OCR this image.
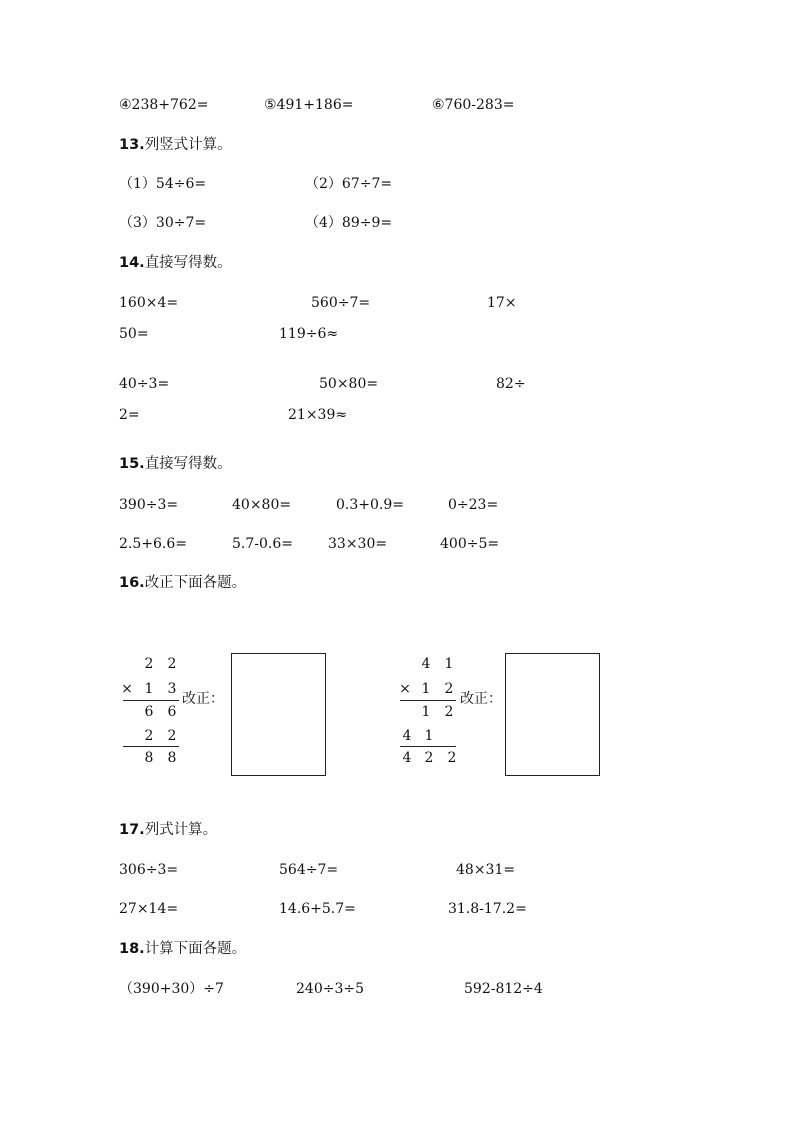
④238+762=	⑤491+186=	⑥760-283=
13.列竖式计算。
（1）54÷6=	（2）67÷7=
（3）30÷7=	（4）89÷9=
14.直接写得数。
160×4=	560÷7=	17×
50=	119÷6≈
40÷3=	50×80=	82÷
2=	21×39≈
15.直接写得数。
390÷3=	40×80=	0.3+0.9=	0÷23=
2.5+6.6=	5.7-0.6=	33×30=	400÷5=
16.改正下面各题。
2 2
× 1 3
6 6
2 2
8 8
改正：
4 1
× 1 2
1 2
4 1
4 2 2
改正：
17.列式计算。
306÷3=	564÷7=	48×31=
27×14=	14.6+5.7=	31.8-17.2=
18.计算下面各题。
（390+30）÷7	240÷3÷5	592-812÷4
